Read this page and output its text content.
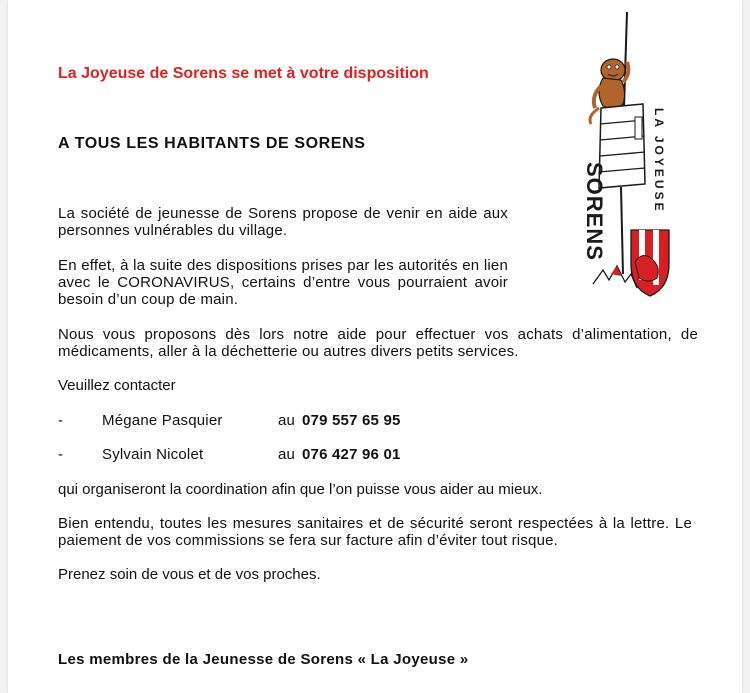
La Joyeuse de Sorens se met à votre disposition

A TOUS LES HABITANTS DE SORENS

La société de jeunesse de Sorens propose de venir en aide aux personnes vulnérables du village.

En effet, à la suite des dispositions prises par les autorités en lien avec le CORONAVIRUS, certains d’entre vous pourraient avoir besoin d’un coup de main.

Nous vous proposons dès lors notre aide pour effectuer vos achats d’alimentation, de médicaments, aller à la déchetterie ou autres divers petits services.

Veuillez contacter

-	Mégane Pasquier	au 079 557 65 95
-	Sylvain Nicolet	au 076 427 96 01

qui organiseront la coordination afin que l’on puisse vous aider au mieux.

Bien entendu, toutes les mesures sanitaires et de sécurité seront respectées à la lettre. Le paiement de vos commissions se fera sur facture afin d’éviter tout risque.

Prenez soin de vous et de vos proches.

Les membres de la Jeunesse de Sorens « La Joyeuse »

SORENS	LA JOYEUSE
